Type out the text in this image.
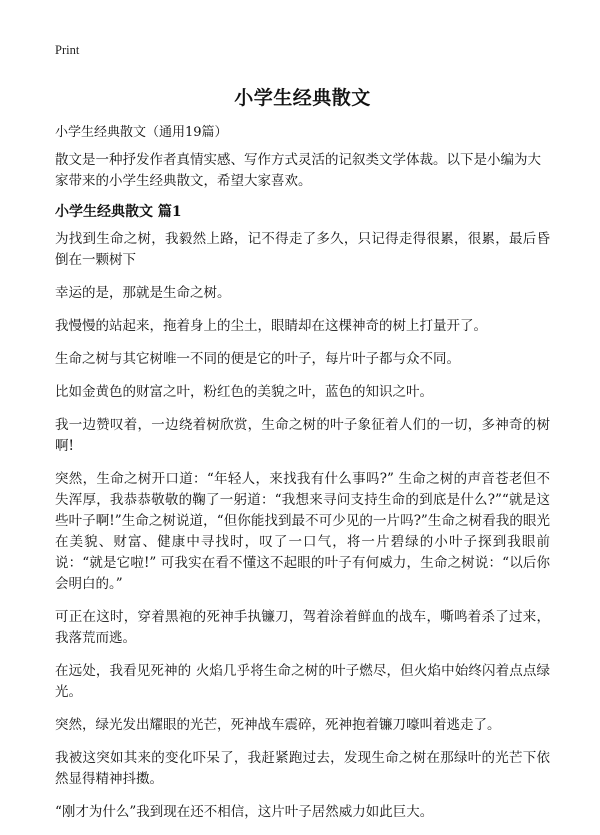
Print
小学生经典散文
小学生经典散文（通用19篇）
散文是一种抒发作者真情实感、写作方式灵活的记叙类文学体裁。以下是小编为大家带来的小学生经典散文，希望大家喜欢。
小学生经典散文 篇1

为找到生命之树，我毅然上路，记不得走了多久，只记得走得很累，很累，最后昏倒在一颗树下

幸运的是，那就是生命之树。

我慢慢的站起来，拖着身上的尘土，眼睛却在这棵神奇的树上打量开了。

生命之树与其它树唯一不同的便是它的叶子，每片叶子都与众不同。

比如金黄色的财富之叶，粉红色的美貌之叶，蓝色的知识之叶。

我一边赞叹着，一边绕着树欣赏，生命之树的叶子象征着人们的一切，多神奇的树啊!

突然，生命之树开口道：“年轻人，来找我有什么事吗?” 生命之树的声音苍老但不失浑厚，我恭恭敬敬的鞠了一躬道：“我想来寻问支持生命的到底是什么?”“就是这些叶子啊!”生命之树说道，“但你能找到最不可少见的一片吗?”生命之树看我的眼光在美貌、财富、健康中寻找时，叹了一口气，将一片碧绿的小叶子探到我眼前说：“就是它啦!” 可我实在看不懂这不起眼的叶子有何威力，生命之树说：“以后你会明白的。”

可正在这时，穿着黑袍的死神手执镰刀，驾着涂着鲜血的战车，嘶鸣着杀了过来，我落荒而逃。

在远处，我看见死神的 火焰几乎将生命之树的叶子燃尽，但火焰中始终闪着点点绿光。

突然，绿光发出耀眼的光芒，死神战车震碎，死神抱着镰刀嚎叫着逃走了。

我被这突如其来的变化吓呆了，我赶紧跑过去，发现生命之树在那绿叶的光芒下依然显得精神抖擞。

“刚才为什么”我到现在还不相信，这片叶子居然威力如此巨大。
